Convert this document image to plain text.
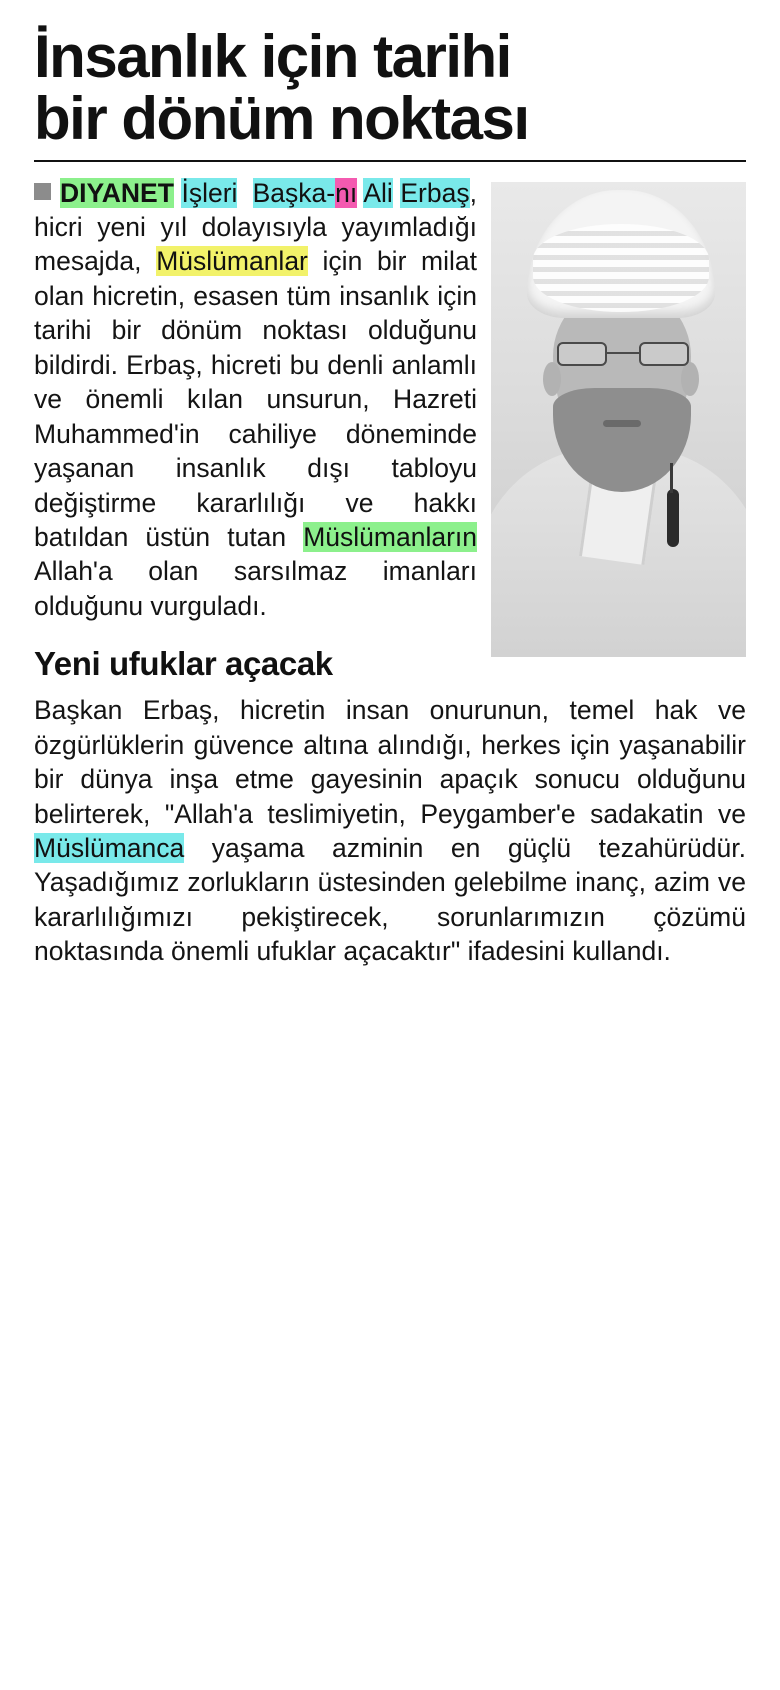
İnsanlık için tarihi
bir dönüm noktası
DIYANET İşleri Başka-nı Ali Erbaş, hicri yeni yıl dolayısıyla yayımladığı mesajda, Müslümanlar için bir milat olan hicretin, esasen tüm insanlık için tarihi bir dönüm noktası olduğunu bildirdi. Erbaş, hicreti bu denli anlamlı ve önemli kılan unsurun, Hazreti Muhammed'in cahiliye döneminde yaşanan insanlık dışı tabloyu değiştirme kararlılığı ve hakkı batıldan üstün tutan Müslümanların Allah'a olan sarsılmaz imanları olduğunu vurguladı.
Yeni ufuklar açacak
Başkan Erbaş, hicretin insan onurunun, temel hak ve özgürlüklerin güvence altına alındığı, herkes için yaşanabilir bir dünya inşa etme gayesinin apaçık sonucu olduğunu belirterek, "Allah'a teslimiyetin, Peygamber'e sadakatin ve Müslümanca yaşama azminin en güçlü tezahürüdür. Yaşadığımız zorlukların üstesinden gelebilme inanç, azim ve kararlılığımızı pekiştirecek, sorunlarımızın çözümü noktasında önemli ufuklar açacaktır" ifadesini kullandı.
